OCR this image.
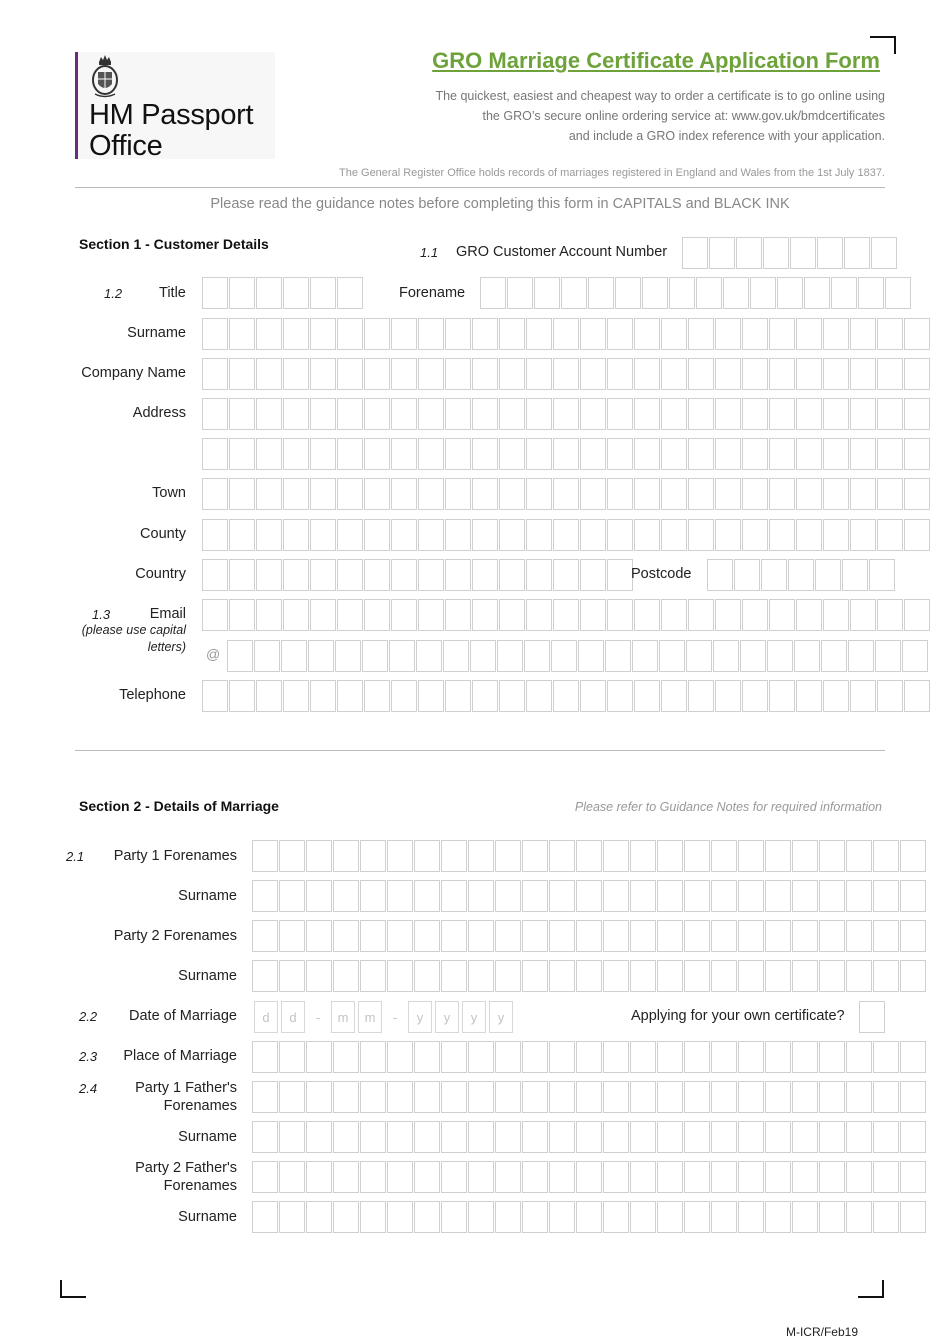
HM Passport
Office
GRO Marriage Certificate Application Form
The quickest, easiest and cheapest way to order a certificate is to go online using
the GRO’s secure online ordering service at: www.gov.uk/bmdcertificates
and include a GRO index reference with your application.
The General Register Office holds records of marriages registered in England and Wales from the 1st July 1837.
Please read the guidance notes before completing this form in CAPITALS and BLACK INK
Section 1 - Customer Details
1.1 GRO Customer Account Number
1.2	Title	Forename
Surname
Company Name
Address
Town
County
Country	Postcode
1.3	Email
(please use capital
letters) @
Telephone
Section 2 - Details of Marriage	Please refer to Guidance Notes for required information
2.1 Party 1 Forenames
Surname
Party 2 Forenames
Surname
2.2 Date of Marriage	d	d	-	m	m	-	y	y	y	y	Applying for your own certificate?
2.3 Place of Marriage
2.4	Party 1 Father's
Forenames
Surname
Party 2 Father's
Forenames
Surname
M-ICR/Feb19
